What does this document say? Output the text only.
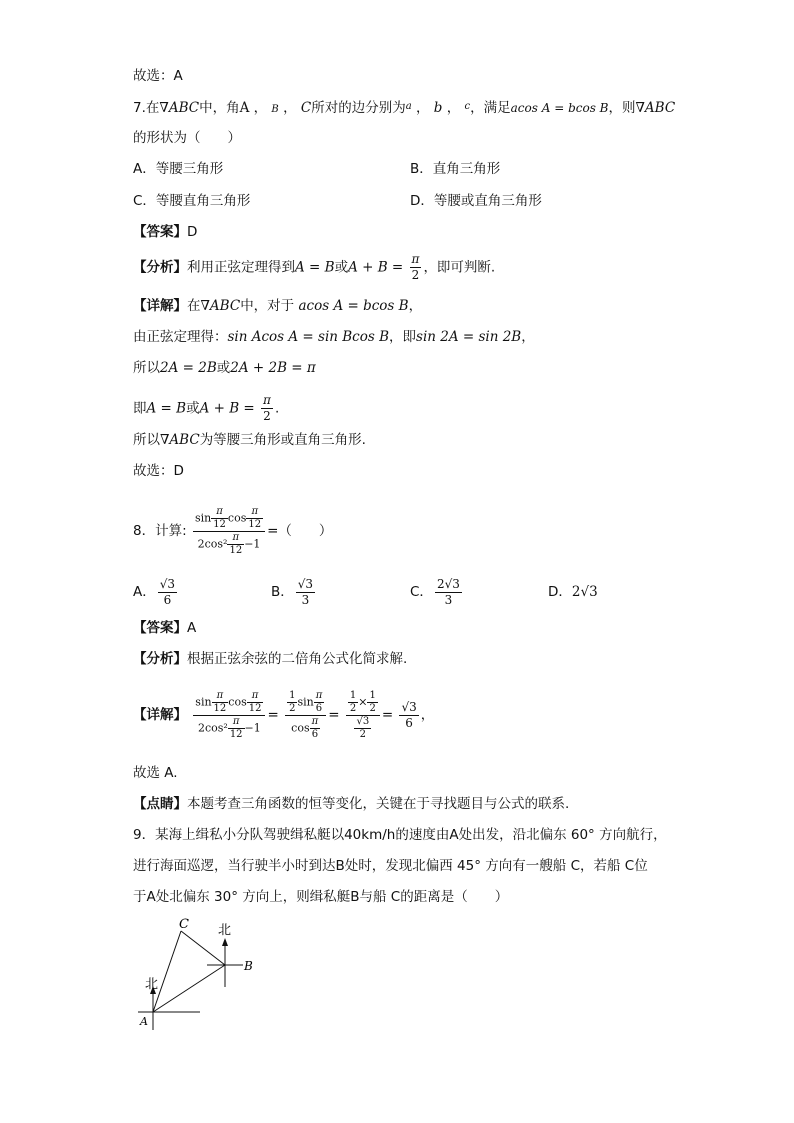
故选：A
7.在∇ABC中，角A ， B ， C所对的边分别为$^a$ ， b ， $^c$，满足acos A = bcos B，则∇ABC
的形状为（　　）
A．等腰三角形	B．直角三角形
C．等腰直角三角形	D．等腰或直角三角形
【答案】D
【分析】利用正弦定理得到A = B或$A + B = \frac{\pi}{2}$ ，即可判断.
【详解】在∇ABC中，对于 acos A = bcos B，
由正弦定理得：sin Acos A = sin Bcos B，即sin 2A = sin 2B，
所以2A = 2B或2A + 2B = π
即A = B或$A + B = \frac{\pi}{2}$ .
所以∇ABC为等腰三角形或直角三角形.
故选：D
8．计算: $\frac{\sin \frac{\pi}{12} \cos \frac{\pi}{12}}{2\cos^2 \frac{\pi}{12} -1}$ =（　　）
A． $\frac{√3}{6}$	B． $\frac{√3}{3}$	C． $\frac{2√3}{3}$	D．2√3
【答案】A
【分析】根据正弦余弦的二倍角公式化简求解.
【详解】 $\frac{\sin \frac{\pi}{12} \cos \frac{\pi}{12}}{2\cos^2 \frac{\pi}{12} -1} = \frac{\frac{1}{2} \sin \frac{\pi}{6}}{\cos \frac{\pi}{6}} = \frac{\frac{1}{2} \times \frac{1}{2}}{\frac{√3}{2}} = \frac{√3}{6}$ ，
故选 A.
【点睛】本题考查三角函数的恒等变化，关键在于寻找题目与公式的联系.
9．某海上缉私小分队驾驶缉私艇以40km/h的速度由A处出发，沿北偏东 60° 方向航行，
进行海面巡逻，当行驶半小时到达B处时，发现北偏西 45° 方向有一艘船 C，若船 C位
于A处北偏东 30° 方向上，则缉私艇B与船 C的距离是（　　）
C
B
A
北
北
